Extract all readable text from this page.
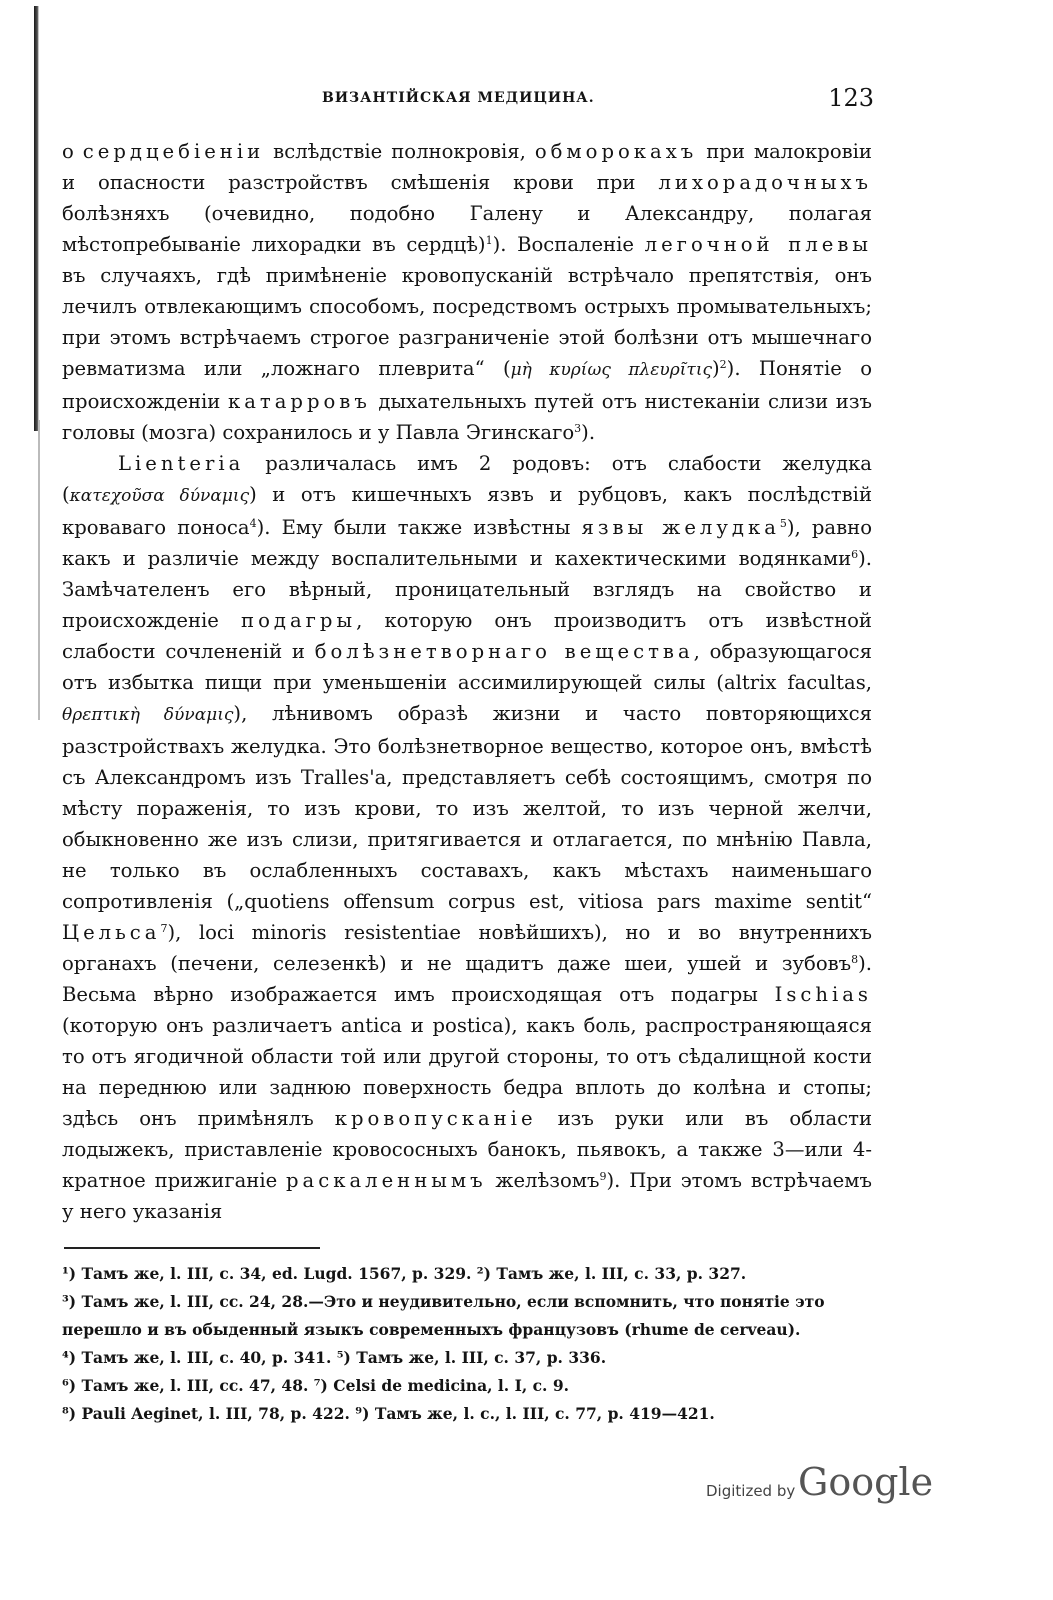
ВИЗАНТІЙСКАЯ МЕДИЦИНА.	123

о сердцебіеніи вслѣдствіе полнокровія, обморокахъ при малокровіи и опасности разстройствъ смѣшенія крови при лихорадочныхъ болѣзняхъ (очевидно, подобно Галену и Александру, полагая мѣстопребываніе лихорадки въ сердцѣ)$^1$). Воспаленіе легочной плевы въ случаяхъ, гдѣ примѣненіе кровопусканій встрѣчало препятствія, онъ лечилъ отвлекающимъ способомъ, посредствомъ острыхъ промывательныхъ; при этомъ встрѣчаемъ строгое разграниченіе этой болѣзни отъ мышечнаго ревматизма или „ложнаго плеврита“ (μὴ κυρίως πλευρῖτις)$^2$). Понятіе о происхожденіи катарровъ дыхательныхъ путей отъ нистеканіи слизи изъ головы (мозга) сохранилось и у Павла Эгинскаго$^3$).

Lienteria различалась имъ 2 родовъ: отъ слабости желудка (κατεχοῦσα δύναμις) и отъ кишечныхъ язвъ и рубцовъ, какъ послѣдствій кроваваго поноса$^4$). Ему были также извѣстны язвы желудка$^5$), равно какъ и различіе между воспалительными и кахектическими водянками$^6$). Замѣчателенъ его вѣрный, проницательный взглядъ на свойство и происхожденіе подагры, которую онъ производитъ отъ извѣстной слабости сочлененій и болѣзнетворнаго вещества, образующагося отъ избытка пищи при уменьшеніи ассимилирующей силы (altrix facultas, θρεπτικὴ δύναμις), лѣнивомъ образѣ жизни и часто повторяющихся разстройствахъ желудка. Это болѣзнетворное вещество, которое онъ, вмѣстѣ съ Александромъ изъ Tralles'а, представляетъ себѣ состоящимъ, смотря по мѣсту пораженія, то изъ крови, то изъ желтой, то изъ черной желчи, обыкновенно же изъ слизи, притягивается и отлагается, по мнѣнію Павла, не только въ ослабленныхъ составахъ, какъ мѣстахъ наименьшаго сопротивленія („quotiens offensum corpus est, vitiosa pars maxime sentit“ Цельса$^7$), loci minoris resistentiae новѣйшихъ), но и во внутреннихъ органахъ (печени, селезенкѣ) и не щадитъ даже шеи, ушей и зубовъ$^8$). Весьма вѣрно изображается имъ происходящая отъ подагры Ischias (которую онъ различаетъ antica и postica), какъ боль, распространяющаяся то отъ ягодичной области той или другой стороны, то отъ сѣдалищной кости на переднюю или заднюю поверхность бедра вплоть до колѣна и стопы; здѣсь онъ примѣнялъ кровопусканіе изъ руки или въ области лодыжекъ, приставленіе кровососныхъ банокъ, пьявокъ, а также 3—или 4-кратное прижиганіе раскаленнымъ желѣзомъ$^9$). При этомъ встрѣчаемъ у него указанія

¹) Тамъ же, l. III, c. 34, ed. Lugd. 1567, p. 329. ²) Тамъ же, l. III, c. 33, p. 327.
³) Тамъ же, l. III, cc. 24, 28.—Это и неудивительно, если вспомнить, что понятіе это
перешло и въ обыденный языкъ современныхъ французовъ (rhume de cerveau).
⁴) Тамъ же, l. III, c. 40, p. 341. ⁵) Тамъ же, l. III, c. 37, p. 336.
⁶) Тамъ же, l. III, cc. 47, 48. ⁷) Celsi de medicina, l. I, c. 9.
⁸) Pauli Aeginet, l. III, 78, p. 422. ⁹) Тамъ же, l. c., l. III, c. 77, p. 419—421.
Digitized by Google
